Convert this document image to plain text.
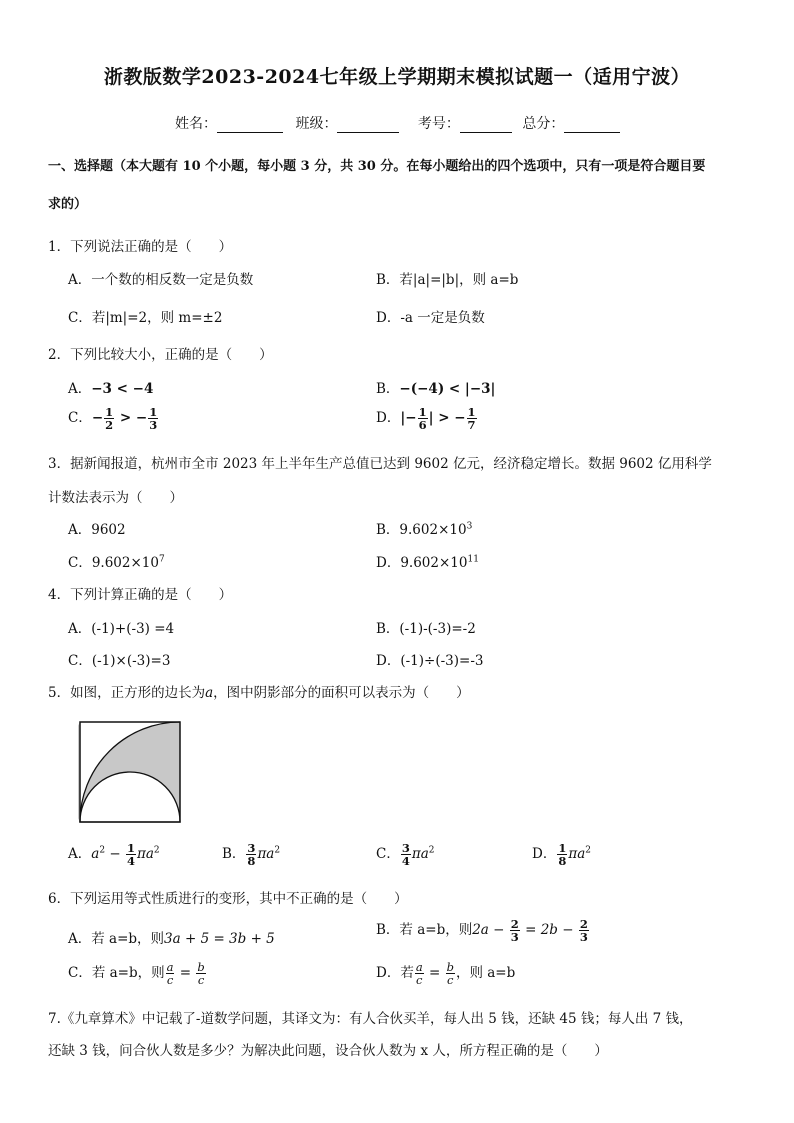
浙教版数学2023-2024七年级上学期期末模拟试题一（适用宁波）
姓名：	班级：	考号：	总分：
一、选择题（本大题有 10 个小题，每小题 3 分，共 30 分。在每小题给出的四个选项中，只有一项是符合题目要
求的）
1．下列说法正确的是（　　）
A．一个数的相反数一定是负数	B．若|a|=|b|，则 a=b
C．若|m|=2，则 m=±2	D．-a 一定是负数
2．下列比较大小，正确的是（　　）
A．−3 < −4	B．−(−4) < |−3|
C．− $\frac{1}{2}$ > − $\frac{1}{3}$	D．|− $\frac{1}{6}$ | > − $\frac{1}{7}$
3．据新闻报道，杭州市全市 2023 年上半年生产总值已达到 9602 亿元，经济稳定增长。数据 9602 亿用科学
计数法表示为（　　）
A．9602	B．$9.602\times 10^3$
C．$9.602\times 10^7$	D．$9.602\times 10^{11}$
4．下列计算正确的是（　　）
A．(-1)+(-3) =4	B．(-1)-(-3)=-2
C．(-1)×(-3)=3	D．(-1)÷(-3)=-3
5．如图，正方形的边长为a，图中阴影部分的面积可以表示为（　　）
A．$a^2 - \frac{1}{4} \pi a^2$	B． $\frac{3}{8} \pi a^2$	C． $\frac{3}{4} \pi a^2$	D． $\frac{1}{8} \pi a^2$
6．下列运用等式性质进行的变形，其中不正确的是（　　）
A．若 a=b，则3a + 5 = 3b + 5
B．若 a=b，则$2a - \frac{2}{3} = 2b - \frac{2}{3}$
C．若 a=b，则 $\frac{a}{c} = \frac{b}{c}$	D．若 $\frac{a}{c} = \frac{b}{c}$ ，则 a=b
7.《九章算术》中记载了-道数学问题，其译文为：有人合伙买羊，每人出 5 钱，还缺 45 钱；每人出 7 钱，
还缺 3 钱，问合伙人数是多少？为解决此问题，设合伙人数为 x 人，所方程正确的是（　　）
